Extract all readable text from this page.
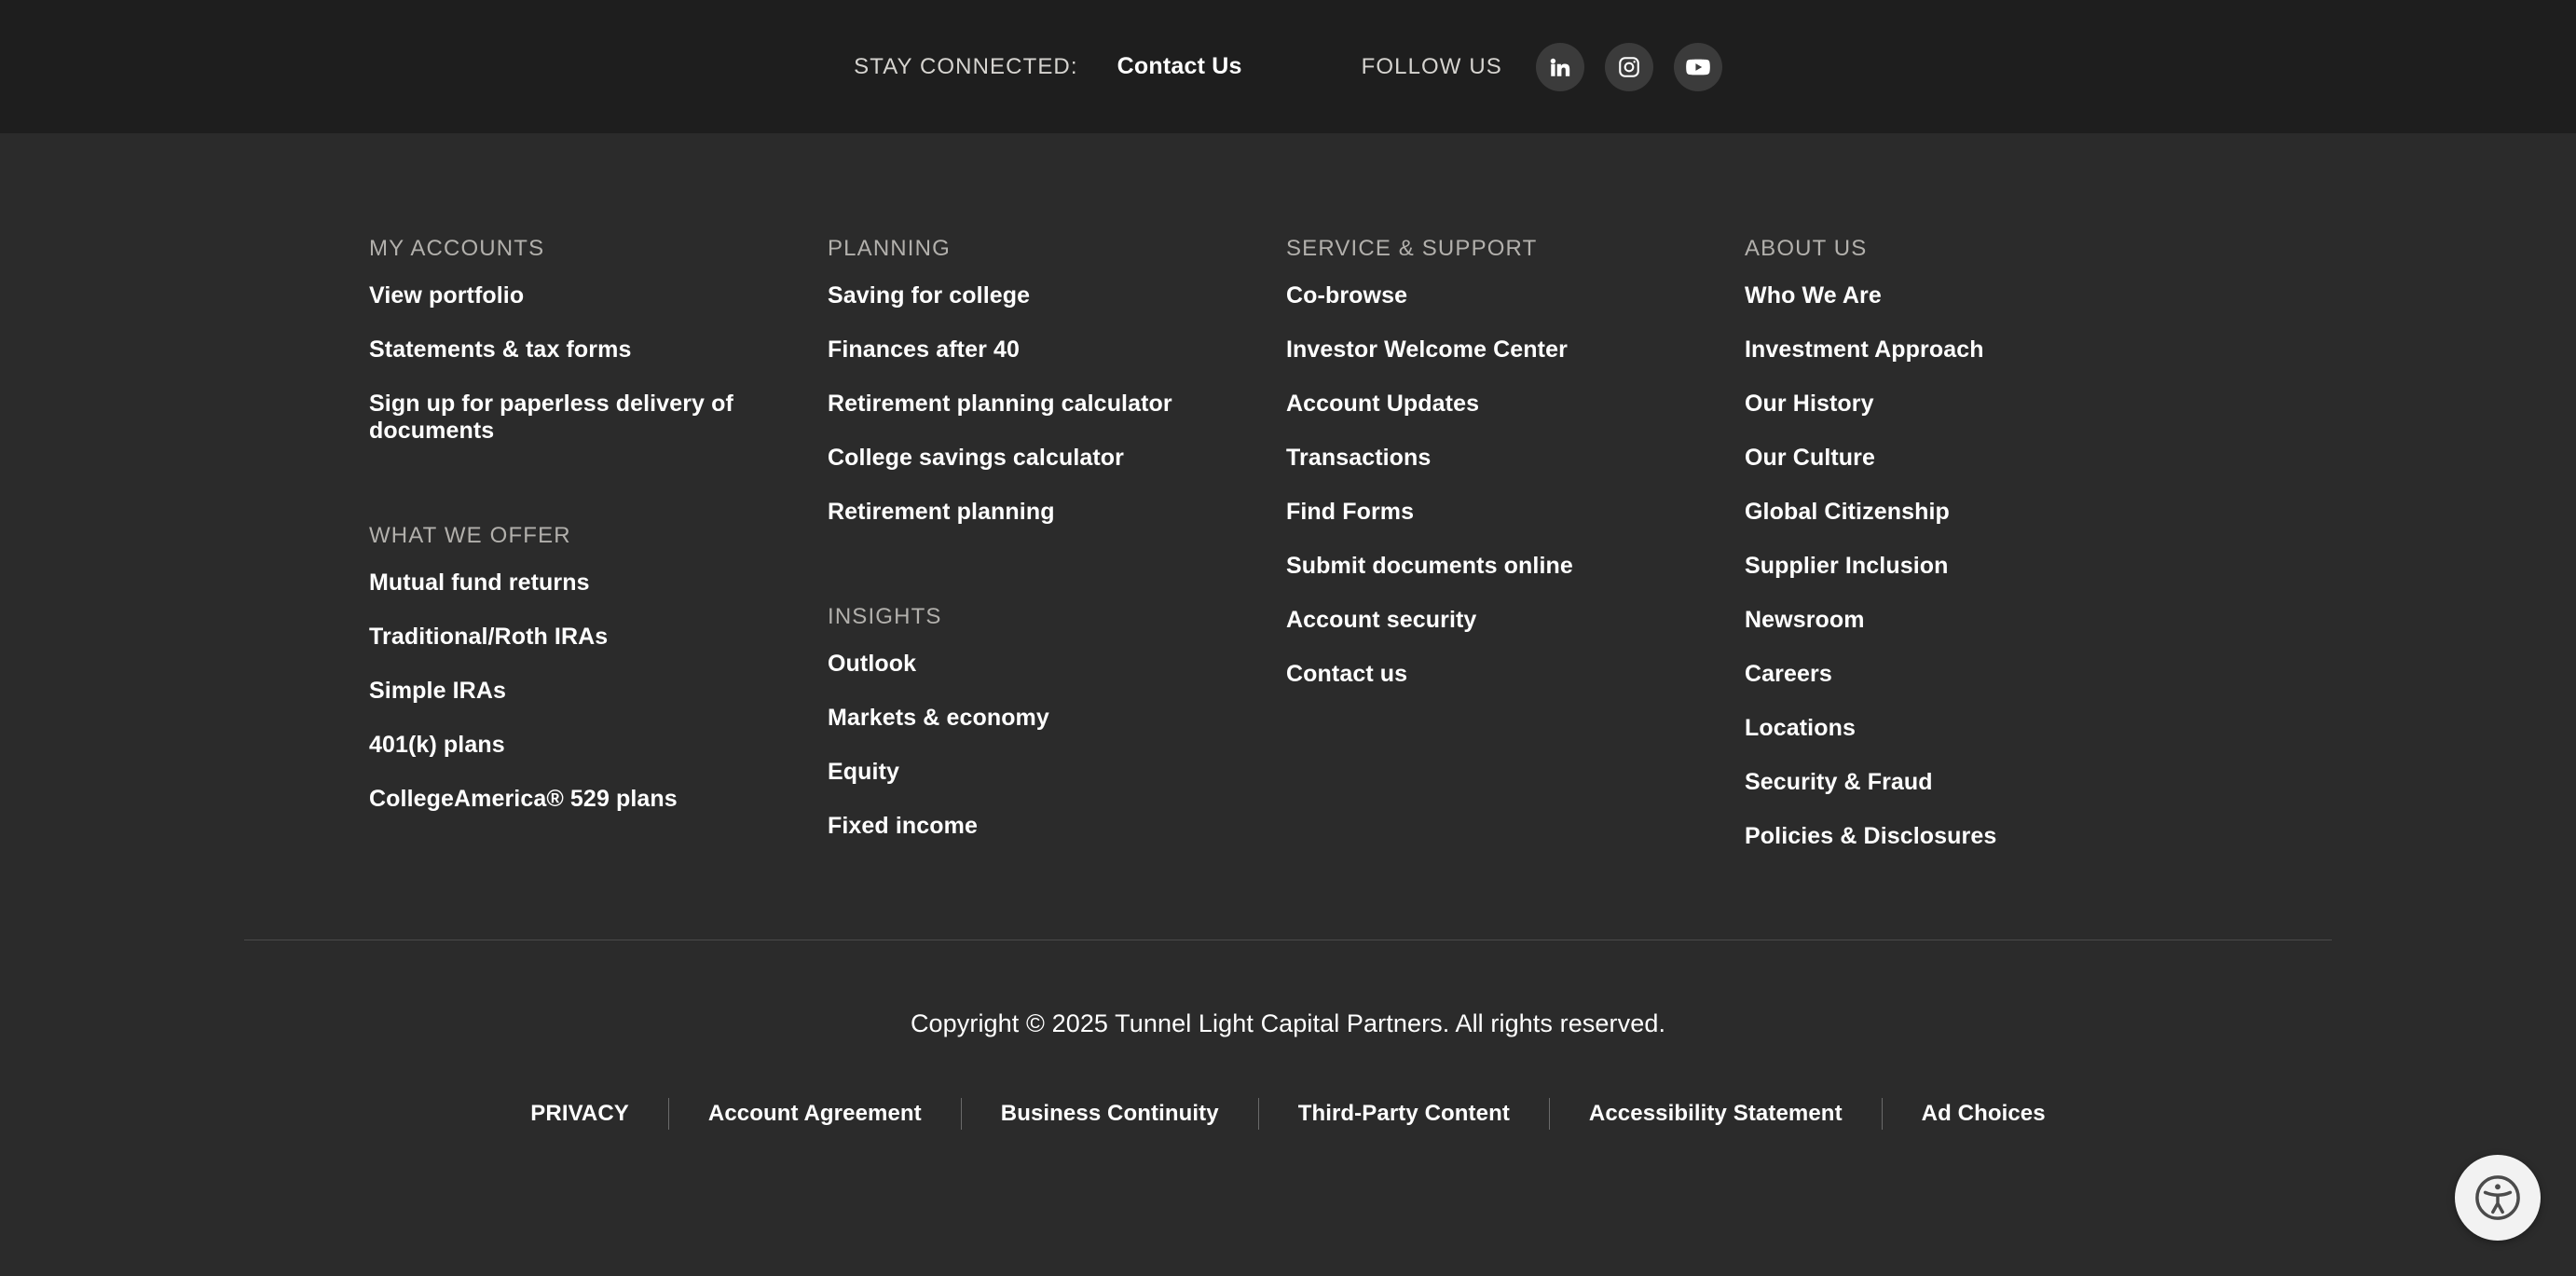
STAY CONNECTED: Contact Us	FOLLOW US
MY ACCOUNTS
View portfolio
Statements & tax forms
Sign up for paperless delivery of documents
WHAT WE OFFER
Mutual fund returns
Traditional/Roth IRAs
Simple IRAs
401(k) plans
CollegeAmerica® 529 plans
PLANNING
Saving for college
Finances after 40
Retirement planning calculator
College savings calculator
Retirement planning
INSIGHTS
Outlook
Markets & economy
Equity
Fixed income
SERVICE & SUPPORT
Co-browse
Investor Welcome Center
Account Updates
Transactions
Find Forms
Submit documents online
Account security
Contact us
ABOUT US
Who We Are
Investment Approach
Our History
Our Culture
Global Citizenship
Supplier Inclusion
Newsroom
Careers
Locations
Security & Fraud
Policies & Disclosures
Copyright © 2025 Tunnel Light Capital Partners. All rights reserved.
PRIVACY	Account Agreement	Business Continuity	Third-Party Content	Accessibility Statement	Ad Choices
